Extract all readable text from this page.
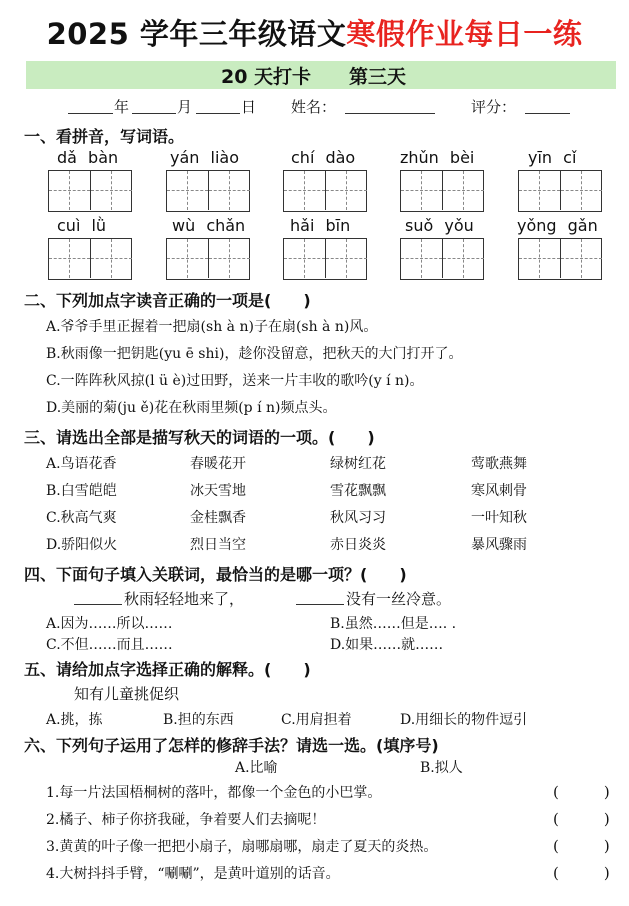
2025 学年三年级语文寒假作业每日一练
20 天打卡 第三天
年	月	日 姓名：	评分：
一、看拼音，写词语。
dǎ bàn	yán liào	chí dào	zhǔn bèi	yīn cǐ
cuì lǜ	wù chǎn	hǎi bīn	suǒ yǒu	yǒng gǎn
二、下列加点字读音正确的一项是(　　)
A.爷爷手里正握着一把扇(sh à n)子在扇(sh à n)风。
B.秋雨像一把钥匙(yu ē shi)，趁你没留意，把秋天的大门打开了。
C.一阵阵秋风掠(l ü è)过田野，送来一片丰收的歌吟(y í n)。
D.美丽的菊(ju ě)花在秋雨里频(p í n)频点头。
三、请选出全部是描写秋天的词语的一项。(　　)
A.鸟语花香	春暖花开	绿树红花	莺歌燕舞
B.白雪皑皑	冰天雪地	雪花飘飘	寒风刺骨
C.秋高气爽	金桂飘香	秋风习习	一叶知秋
D.骄阳似火	烈日当空	赤日炎炎	暴风骤雨
四、下面句子填入关联词，最恰当的是哪一项？(　　)
秋雨轻轻地来了，	没有一丝冷意。
A.因为……所以……	B.虽然……但是…. .
C.不但……而且……	D.如果……就……
五、请给加点字选择正确的解释。(　　)
知有儿童挑促织
A.挑，拣	B.担的东西	C.用肩担着	D.用细长的物件逗引
六、下列句子运用了怎样的修辞手法？请选一选。(填序号)
A.比喻	B.拟人
1.每一片法国梧桐树的落叶，都像一个金色的小巴掌。	(　　　)
2.橘子、柿子你挤我碰，争着要人们去摘呢！	(　　　)
3.黄黄的叶子像一把把小扇子，扇哪扇哪，扇走了夏天的炎热。	(　　　)
4.大树抖抖手臂，“唰唰”，是黄叶道别的话音。	(　　　)
